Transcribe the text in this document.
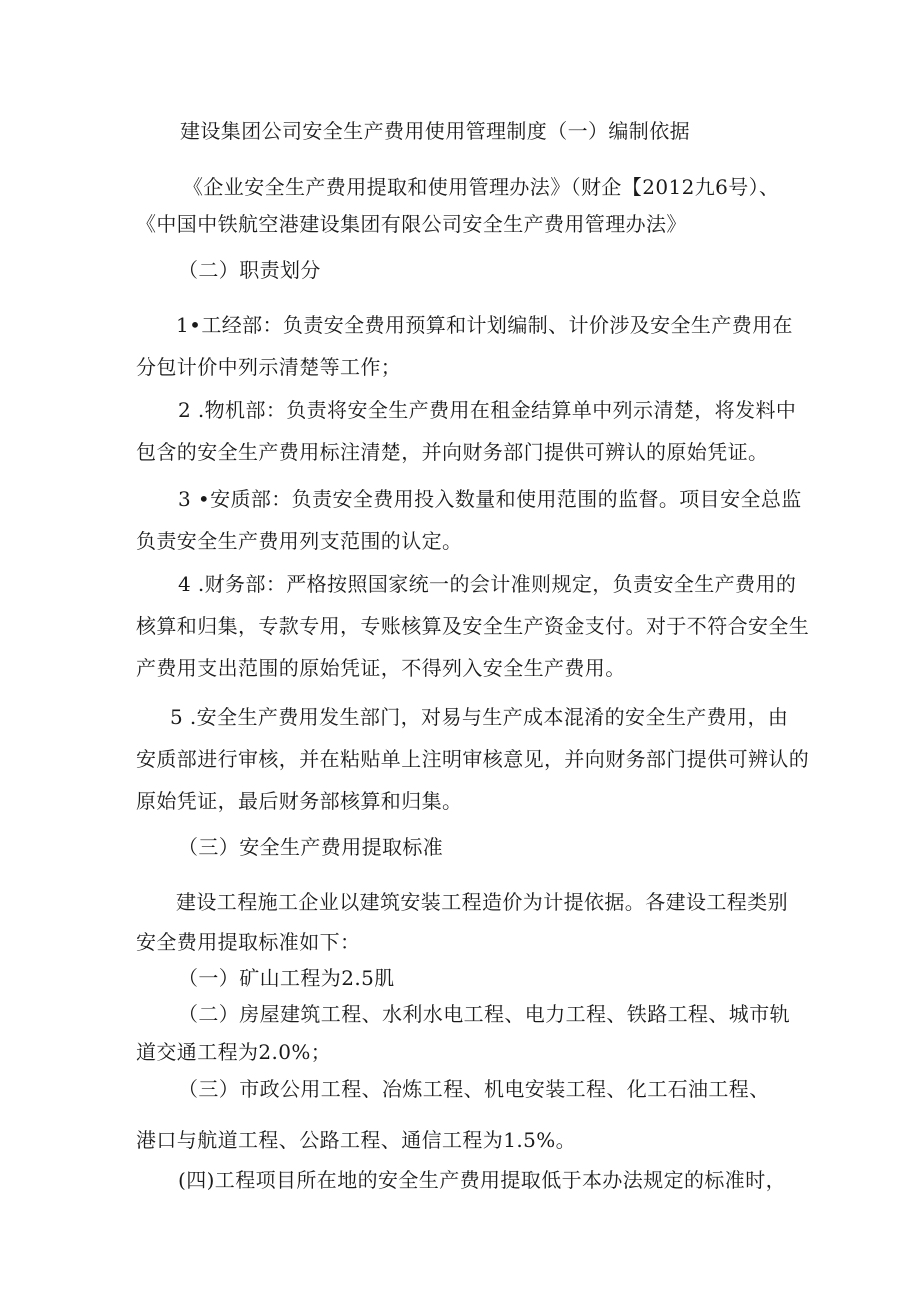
建设集团公司安全生产费用使用管理制度（一）编制依据
《企业安全生产费用提取和使用管理办法》（财企【2012九6号）、
《中国中铁航空港建设集团有限公司安全生产费用管理办法》
（二）职责划分
1•工经部：负责安全费用预算和计划编制、计价涉及安全生产费用在
分包计价中列示清楚等工作；
2 .物机部：负责将安全生产费用在租金结算单中列示清楚，将发料中
包含的安全生产费用标注清楚，并向财务部门提供可辨认的原始凭证。
3 •安质部：负责安全费用投入数量和使用范围的监督。项目安全总监
负责安全生产费用列支范围的认定。
4 .财务部：严格按照国家统一的会计准则规定，负责安全生产费用的
核算和归集，专款专用，专账核算及安全生产资金支付。对于不符合安全生
产费用支出范围的原始凭证，不得列入安全生产费用。
5 .安全生产费用发生部门，对易与生产成本混淆的安全生产费用，由
安质部进行审核，并在粘贴单上注明审核意见，并向财务部门提供可辨认的
原始凭证，最后财务部核算和归集。
（三）安全生产费用提取标准
建设工程施工企业以建筑安装工程造价为计提依据。各建设工程类别
安全费用提取标准如下：
（一）矿山工程为2.5肌
（二）房屋建筑工程、水利水电工程、电力工程、铁路工程、城市轨
道交通工程为2.0%；
（三）市政公用工程、冶炼工程、机电安装工程、化工石油工程、
港口与航道工程、公路工程、通信工程为1.5%。
(四)工程项目所在地的安全生产费用提取低于本办法规定的标准时，
